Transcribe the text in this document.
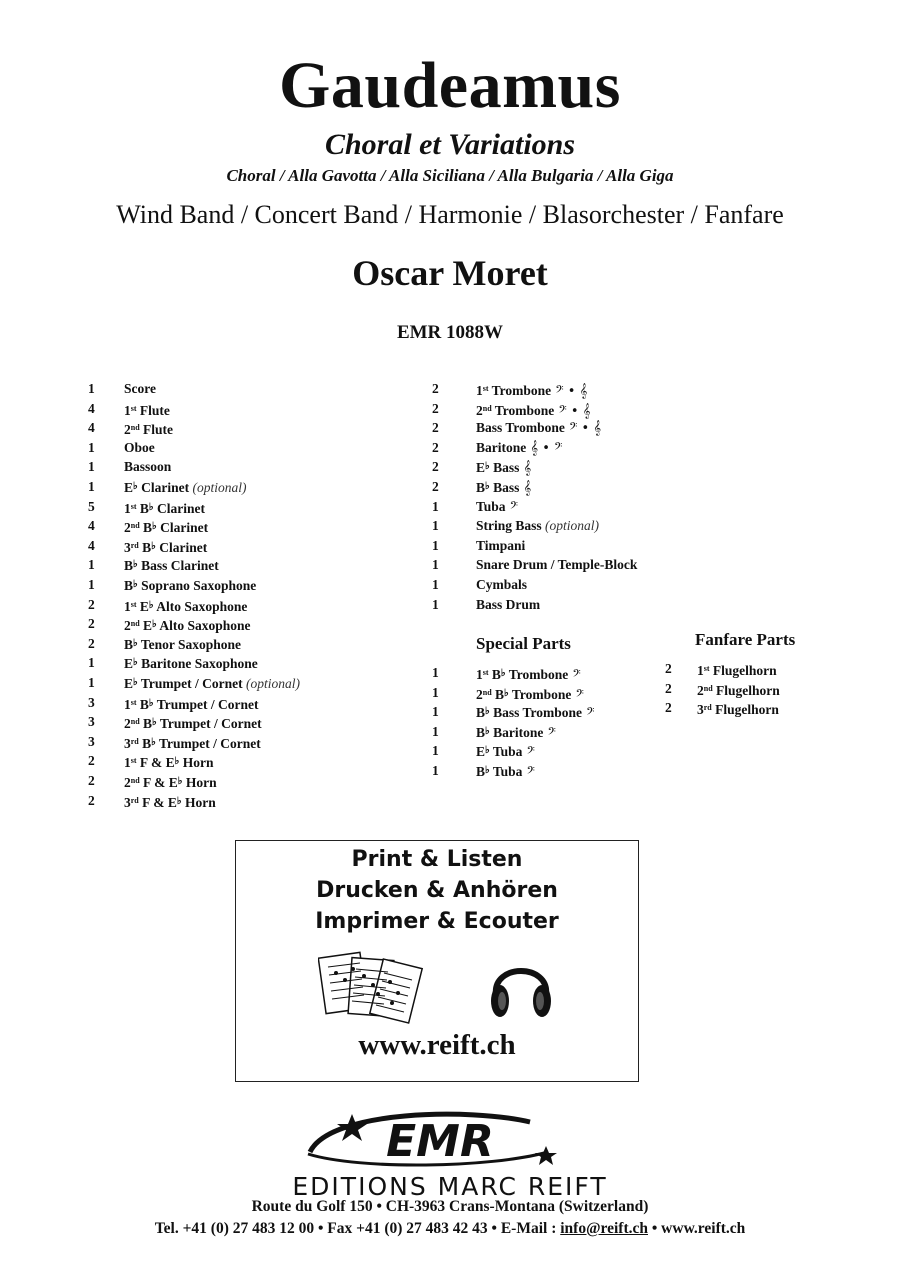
Gaudeamus
Choral et Variations
Choral / Alla Gavotta / Alla Siciliana / Alla Bulgaria / Alla Giga
Wind Band / Concert Band / Harmonie / Blasorchester / Fanfare
Oscar Moret
EMR 1088W
1 Score
4 1st Flute
4 2nd Flute
1 Oboe
1 Bassoon
1 E♭ Clarinet (optional)
5 1st B♭ Clarinet
4 2nd B♭ Clarinet
4 3rd B♭ Clarinet
1 B♭ Bass Clarinet
1 B♭ Soprano Saxophone
2 1st E♭ Alto Saxophone
2 2nd E♭ Alto Saxophone
2 B♭ Tenor Saxophone
1 E♭ Baritone Saxophone
1 E♭ Trumpet / Cornet (optional)
3 1st B♭ Trumpet / Cornet
3 2nd B♭ Trumpet / Cornet
3 3rd B♭ Trumpet / Cornet
2 1st F & E♭ Horn
2 2nd F & E♭ Horn
2 3rd F & E♭ Horn
2	1st Trombone 𝄢 • 𝄞
2	2nd Trombone 𝄢 • 𝄞
2	Bass Trombone 𝄢 • 𝄞
2	Baritone 𝄞 • 𝄢
2	E♭ Bass 𝄞
2	B♭ Bass 𝄞
1	Tuba 𝄢
1	String Bass (optional)
1	Timpani
1	Snare Drum / Temple-Block
1	Cymbals
1	Bass Drum
Special Parts
1	1st B♭ Trombone 𝄢
1	2nd B♭ Trombone 𝄢
1	B♭ Bass Trombone 𝄢
1	B♭ Baritone 𝄢
1	E♭ Tuba 𝄢
1	B♭ Tuba 𝄢
Fanfare Parts
2 1st Flugelhorn
2 2nd Flugelhorn
2 3rd Flugelhorn
Print & Listen
Drucken & Anhören
Imprimer & Ecouter
www.reift.ch
EMR
EDITIONS MARC REIFT
Route du Golf 150 • CH-3963 Crans-Montana (Switzerland)
Tel. +41 (0) 27 483 12 00 • Fax +41 (0) 27 483 42 43 • E-Mail : info@reift.ch • www.reift.ch
